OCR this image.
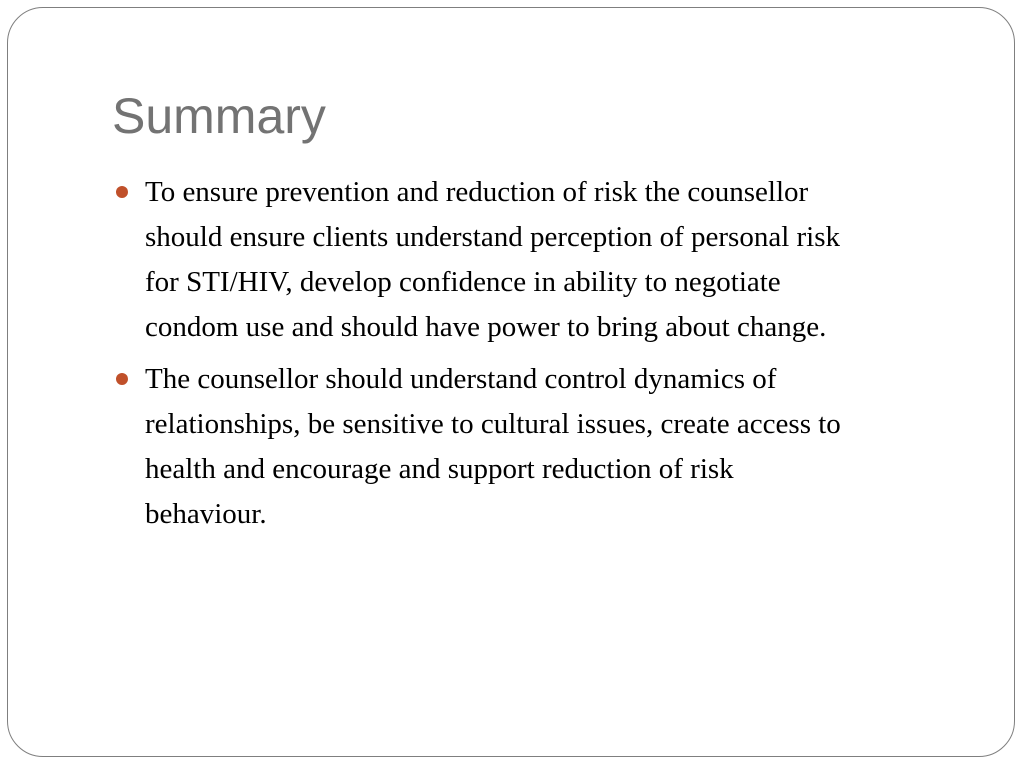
Summary
To ensure prevention and reduction of risk the counsellor
should ensure clients understand perception of personal risk
for STI/HIV, develop confidence in ability to negotiate
condom use and should have power to bring about change.
The counsellor should understand control dynamics of
relationships, be sensitive to cultural issues, create access to
health and encourage and support reduction of risk
behaviour.
